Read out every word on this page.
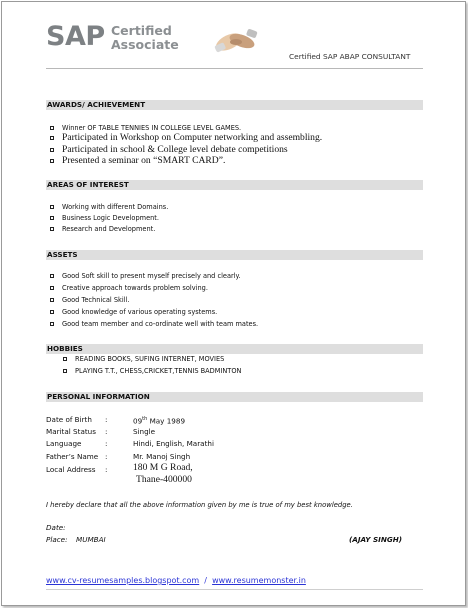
SAP Certified
Associate
Certified SAP ABAP CONSULTANT
AWARDS/ ACHIEVEMENT
Winner OF TABLE TENNIES IN COLLEGE LEVEL GAMES.
Participated in Workshop on Computer networking and assembling.
Participated in school & College level debate competitions
Presented a seminar on “SMART CARD”.
AREAS OF INTEREST
Working with different Domains.
Business Logic Development.
Research and Development.
ASSETS
Good Soft skill to present myself precisely and clearly.
Creative approach towards problem solving.
Good Technical Skill.
Good knowledge of various operating systems.
Good team member and co-ordinate well with team mates.
HOBBIES
READING BOOKS, SUFING INTERNET, MOVIES
PLAYING T.T., CHESS,CRICKET,TENNIS BADMINTON
PERSONAL INFORMATION
Date of Birth :	09th May 1989
Marital Status :	Single
Language	:	Hindi, English, Marathi
Father’s Name :	Mr. Manoj Singh
Local Address :	180 M G Road,
Thane-400000
I hereby declare that all the above information given by me is true of my best knowledge.
Date:
Place: MUMBAI	(AJAY SINGH)
www.cv-resumesamples.blogspot.com  /  www.resumemonster.in
